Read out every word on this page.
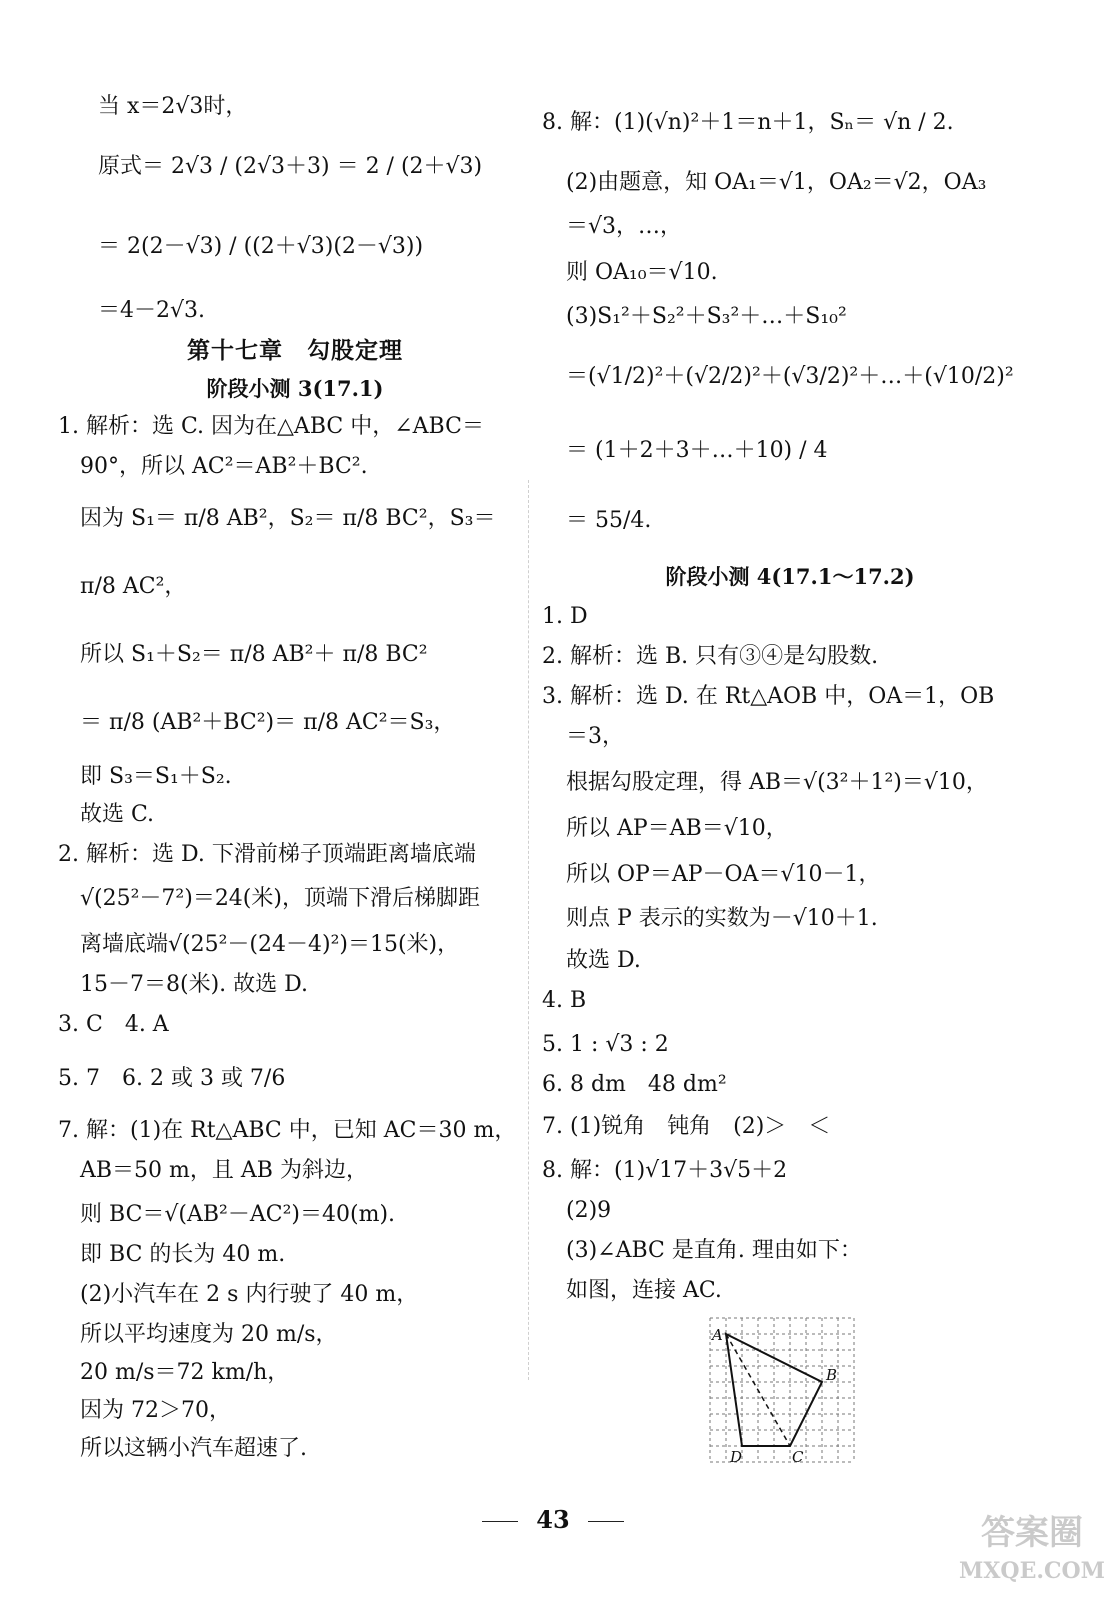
当 x＝2√3时，
原式＝ 2√3 / (2√3＋3) ＝ 2 / (2＋√3)
＝ 2(2－√3) / ((2＋√3)(2－√3))
＝4－2√3.
第十七章　勾股定理
阶段小测 3(17.1)
1. 解析：选 C. 因为在△ABC 中，∠ABC＝
90°，所以 AC²＝AB²＋BC².
因为 S₁＝ π/8 AB²，S₂＝ π/8 BC²，S₃＝
π/8 AC²，
所以 S₁＋S₂＝ π/8 AB²＋ π/8 BC²
＝ π/8 (AB²＋BC²)＝ π/8 AC²＝S₃，
即 S₃＝S₁＋S₂.
故选 C.
2. 解析：选 D. 下滑前梯子顶端距离墙底端
√(25²－7²)＝24(米)，顶端下滑后梯脚距
离墙底端√(25²－(24－4)²)＝15(米)，
15－7＝8(米). 故选 D.
3. C　4. A
5. 7　6. 2 或 3 或 7/6
7. 解：(1)在 Rt△ABC 中，已知 AC＝30 m，
AB＝50 m，且 AB 为斜边，
则 BC＝√(AB²－AC²)＝40(m).
即 BC 的长为 40 m.
(2)小汽车在 2 s 内行驶了 40 m，
所以平均速度为 20 m/s，
20 m/s＝72 km/h，
因为 72＞70，
所以这辆小汽车超速了.
8. 解：(1)(√n)²＋1＝n＋1，Sₙ＝ √n / 2.
(2)由题意，知 OA₁＝√1，OA₂＝√2，OA₃
＝√3，…，
则 OA₁₀＝√10.
(3)S₁²＋S₂²＋S₃²＋…＋S₁₀²
＝(√1/2)²＋(√2/2)²＋(√3/2)²＋…＋(√10/2)²
＝ (1＋2＋3＋…＋10) / 4
＝ 55/4.
阶段小测 4(17.1～17.2)
1. D
2. 解析：选 B. 只有③④是勾股数.
3. 解析：选 D. 在 Rt△AOB 中，OA＝1，OB
＝3，
根据勾股定理，得 AB＝√(3²＋1²)＝√10，
所以 AP＝AB＝√10，
所以 OP＝AP－OA＝√10－1，
则点 P 表示的实数为－√10＋1.
故选 D.
4. B
5. 1 : √3 : 2
6. 8 dm　48 dm²
7. (1)锐角　钝角　(2)＞　＜
8. 解：(1)√17＋3√5＋2
(2)9
(3)∠ABC 是直角. 理由如下：
如图，连接 AC.
A
B
C
D
43	答案圈
MXQE.COM
